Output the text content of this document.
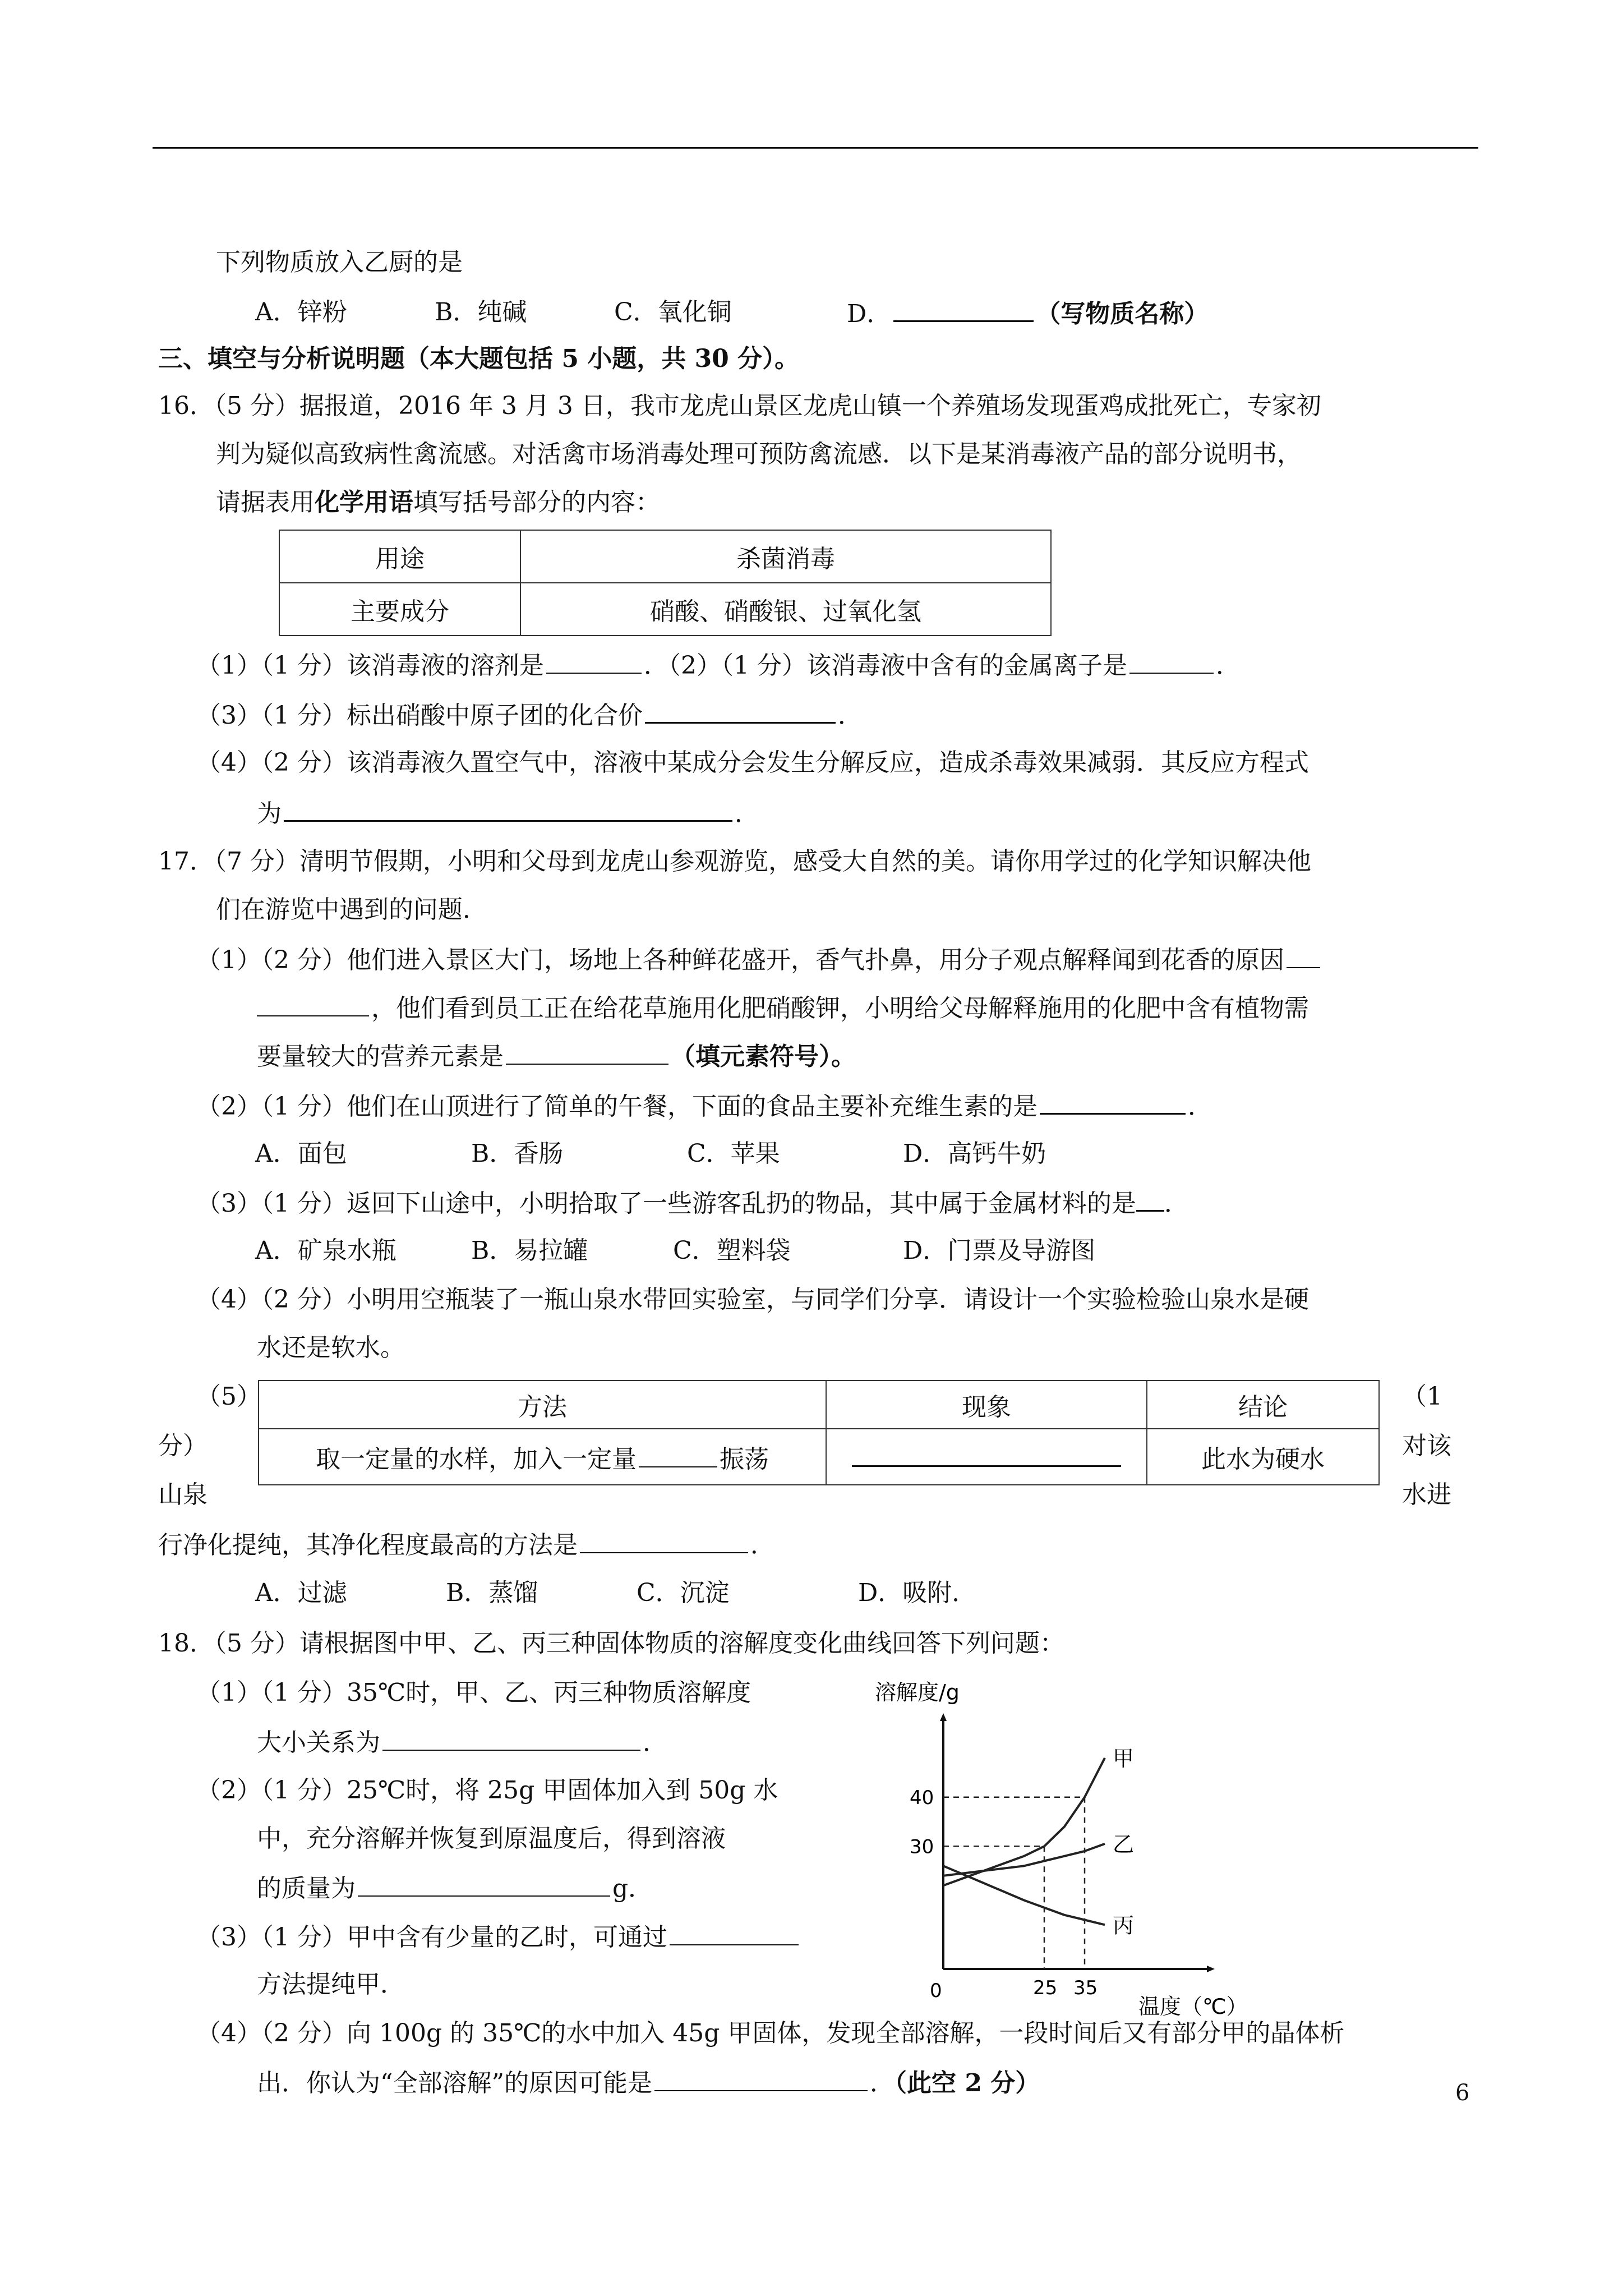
下列物质放入乙厨的是
A．锌粉	B．纯碱	C．氧化铜	D．	（写物质名称）
三、填空与分析说明题（本大题包括 5 小题，共 30 分）。
16．（5 分）据报道，2016 年 3 月 3 日，我市龙虎山景区龙虎山镇一个养殖场发现蛋鸡成批死亡，专家初
判为疑似高致病性禽流感。对活禽市场消毒处理可预防禽流感．以下是某消毒液产品的部分说明书，
请据表用化学用语填写括号部分的内容：
用途	杀菌消毒
主要成分	硝酸、硝酸银、过氧化氢
（1）（1 分）该消毒液的溶剂是	．（2）（1 分）该消毒液中含有的金属离子是	．
（3）（1 分）标出硝酸中原子团的化合价	．
（4）（2 分）该消毒液久置空气中，溶液中某成分会发生分解反应，造成杀毒效果减弱．其反应方程式
为	．
17．（7 分）清明节假期，小明和父母到龙虎山参观游览，感受大自然的美。请你用学过的化学知识解决他
们在游览中遇到的问题．
（1）（2 分）他们进入景区大门，场地上各种鲜花盛开，香气扑鼻，用分子观点解释闻到花香的原因
，他们看到员工正在给花草施用化肥硝酸钾，小明给父母解释施用的化肥中含有植物需
要量较大的营养元素是	（填元素符号）。
（2）（1 分）他们在山顶进行了简单的午餐，下面的食品主要补充维生素的是	．
A．面包	B．香肠	C．苹果	D．高钙牛奶
（3）（1 分）返回下山途中，小明拾取了一些游客乱扔的物品，其中属于金属材料的是 ．
A．矿泉水瓶	B．易拉罐	C．塑料袋	D．门票及导游图
（4）（2 分）小明用空瓶装了一瓶山泉水带回实验室，与同学们分享．请设计一个实验检验山泉水是硬
水还是软水。
（5）
分）
山泉
（1
对该
水进
方法	现象	结论
取一定量的水样，加入一定量 振荡		此水为硬水
行净化提纯，其净化程度最高的方法是	．
A．过滤	B．蒸馏	C．沉淀	D．吸附．
18．（5 分）请根据图中甲、乙、丙三种固体物质的溶解度变化曲线回答下列问题：
（1）（1 分）35℃时，甲、乙、丙三种物质溶解度
大小关系为	．
（2）（1 分）25℃时，将 25g 甲固体加入到 50g 水
中，充分溶解并恢复到原温度后，得到溶液
的质量为	g．
（3）（1 分）甲中含有少量的乙时，可通过
方法提纯甲．
（4）（2 分）向 100g 的 35℃的水中加入 45g 甲固体，发现全部溶解，一段时间后又有部分甲的晶体析
出．你认为“全部溶解”的原因可能是	．（此空 2 分）
甲
乙
丙
25 35
30
40
溶解度/g
温度（℃）
0
6
